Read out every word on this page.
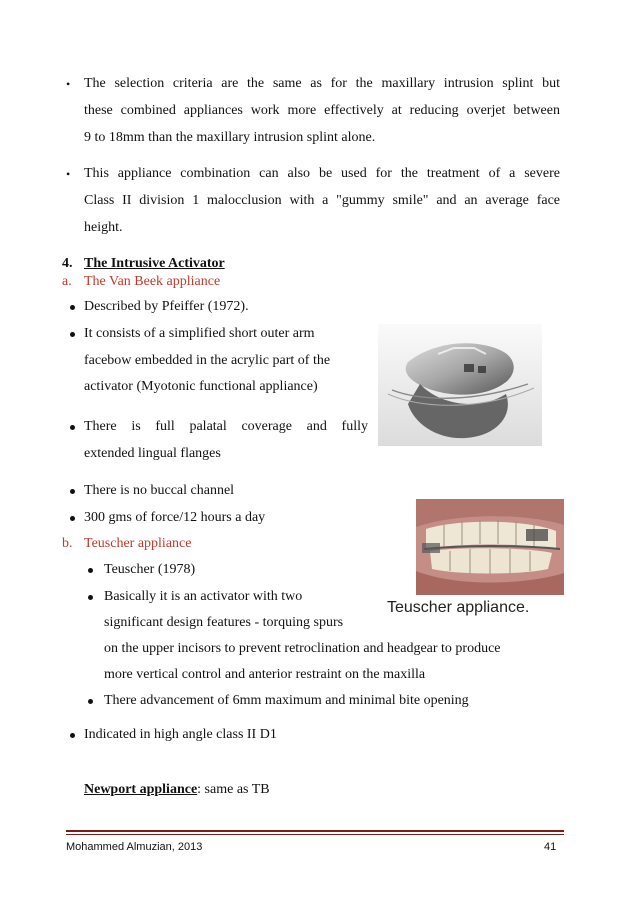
• The selection criteria are the same as for the maxillary intrusion splint but
these combined appliances work more effectively at reducing overjet between
9 to 18mm than the maxillary intrusion splint alone.
• This appliance combination can also be used for the treatment of a severe
Class II division 1 malocclusion with a "gummy smile" and an average face
height.
4. The Intrusive Activator
a. The Van Beek appliance
Described by Pfeiffer (1972).
It consists of a simplified short outer arm
facebow embedded in the acrylic part of the
activator (Myotonic functional appliance)
There is full palatal coverage and fully
extended lingual flanges
There is no buccal channel
300 gms of force/12 hours a day
b. Teuscher appliance
Teuscher (1978)
Basically it is an activator with two
significant design features - torquing spurs
on the upper incisors to prevent retroclination and headgear to produce
more vertical control and anterior restraint on the maxilla
There advancement of 6mm maximum and minimal bite opening
Indicated in high angle class II D1
Newport appliance: same as TB
Teuscher appliance.
Mohammed Almuzian, 2013	41
